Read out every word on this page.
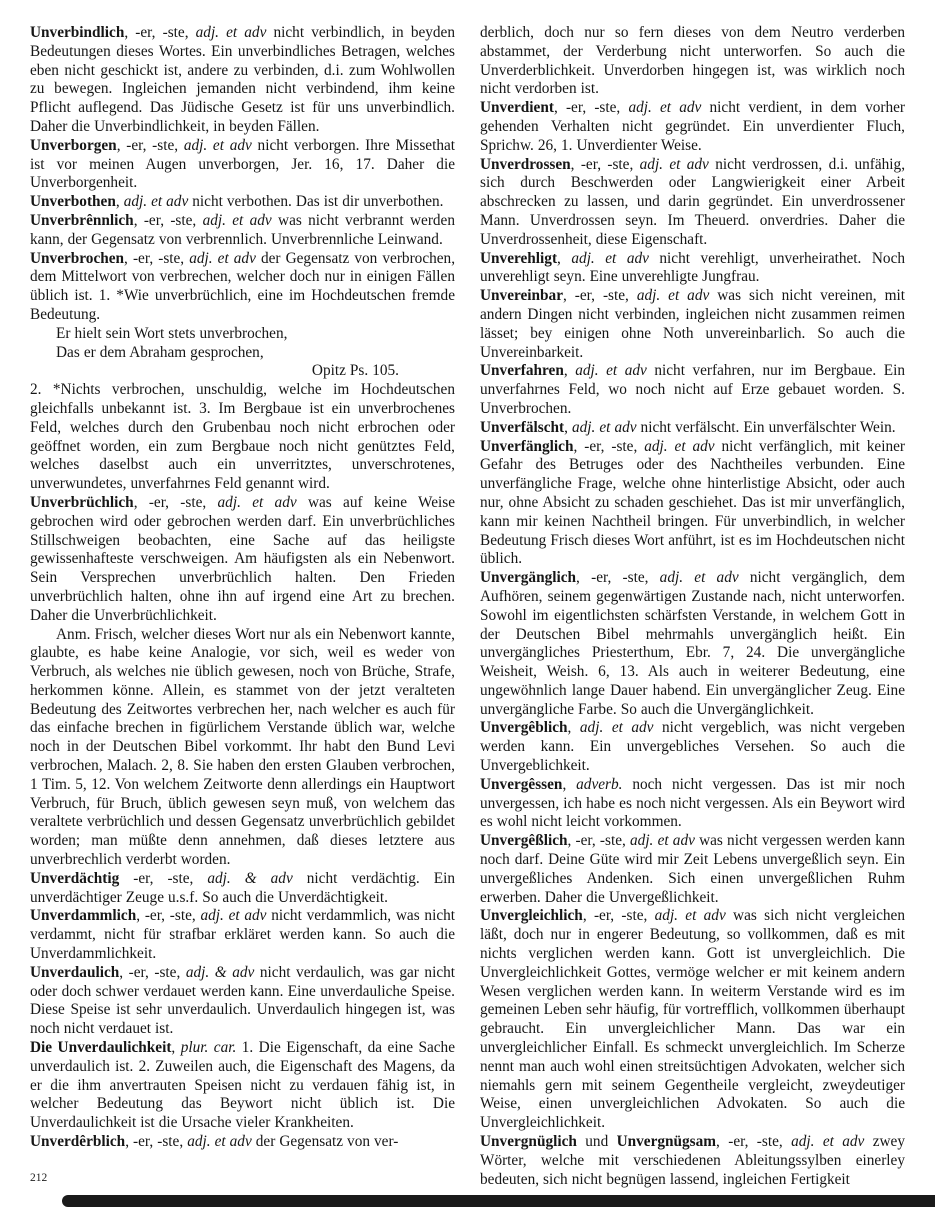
Unverbindlich, -er, -ste, adj. et adv nicht verbindlich, in beyden Bedeutungen dieses Wortes. Ein unverbindliches Betragen, welches eben nicht geschickt ist, andere zu verbinden, d.i. zum Wohlwollen zu bewegen. Ingleichen jemanden nicht verbindend, ihm keine Pflicht auflegend. Das Jüdische Gesetz ist für uns unverbindlich. Daher die Unverbindlichkeit, in beyden Fällen.

Unverborgen, -er, -ste, adj. et adv nicht verborgen. Ihre Missethat ist vor meinen Augen unverborgen, Jer. 16, 17. Daher die Unverborgenheit.

Unverbothen, adj. et adv nicht verbothen. Das ist dir unverbothen.

Unverbrênnlich, -er, -ste, adj. et adv was nicht verbrannt werden kann, der Gegensatz von verbrennlich. Unverbrennliche Leinwand.

Unverbrochen, -er, -ste, adj. et adv der Gegensatz von verbrochen, dem Mittelwort von verbrechen, welcher doch nur in einigen Fällen üblich ist. 1. *Wie unverbrüchlich, eine im Hochdeutschen fremde Bedeutung.

Er hielt sein Wort stets unverbrochen,

Das er dem Abraham gesprochen,

Opitz Ps. 105.

2. *Nichts verbrochen, unschuldig, welche im Hochdeutschen gleichfalls unbekannt ist. 3. Im Bergbaue ist ein unverbrochenes Feld, welches durch den Grubenbau noch nicht erbrochen oder geöffnet worden, ein zum Bergbaue noch nicht genütztes Feld, welches daselbst auch ein unverritztes, unverschrotenes, unverwundetes, unverfahrnes Feld genannt wird.

Unverbrüchlich, -er, -ste, adj. et adv was auf keine Weise gebrochen wird oder gebrochen werden darf. Ein unverbrüchliches Stillschweigen beobachten, eine Sache auf das heiligste gewissenhafteste verschweigen. Am häufigsten als ein Nebenwort. Sein Versprechen unverbrüchlich halten. Den Frieden unverbrüchlich halten, ohne ihn auf irgend eine Art zu brechen. Daher die Unverbrüchlichkeit.

Anm. Frisch, welcher dieses Wort nur als ein Nebenwort kannte, glaubte, es habe keine Analogie, vor sich, weil es weder von Verbruch, als welches nie üblich gewesen, noch von Brüche, Strafe, herkommen könne. Allein, es stammet von der jetzt veralteten Bedeutung des Zeitwortes verbrechen her, nach welcher es auch für das einfache brechen in figürlichem Verstande üblich war, welche noch in der Deutschen Bibel vorkommt. Ihr habt den Bund Levi verbrochen, Malach. 2, 8. Sie haben den ersten Glauben verbrochen, 1 Tim. 5, 12. Von welchem Zeitworte denn allerdings ein Hauptwort Verbruch, für Bruch, üblich gewesen seyn muß, von welchem das veraltete verbrüchlich und dessen Gegensatz unverbrüchlich gebildet worden; man müßte denn annehmen, daß dieses letztere aus unverbrechlich verderbt worden.

Unverdächtig -er, -ste, adj. & adv nicht verdächtig. Ein unverdächtiger Zeuge u.s.f. So auch die Unverdächtigkeit.

Unverdammlich, -er, -ste, adj. et adv nicht verdammlich, was nicht verdammt, nicht für strafbar erkläret werden kann. So auch die Unverdammlichkeit.

Unverdaulich, -er, -ste, adj. & adv nicht verdaulich, was gar nicht oder doch schwer verdauet werden kann. Eine unverdauliche Speise. Diese Speise ist sehr unverdaulich. Unverdaulich hingegen ist, was noch nicht verdauet ist.

Die Unverdaulichkeit, plur. car. 1. Die Eigenschaft, da eine Sache unverdaulich ist. 2. Zuweilen auch, die Eigenschaft des Magens, da er die ihm anvertrauten Speisen nicht zu verdauen fähig ist, in welcher Bedeutung das Beywort nicht üblich ist. Die Unverdaulichkeit ist die Ursache vieler Krankheiten.

Unverdêrblich, -er, -ste, adj. et adv der Gegensatz von ver-

derblich, doch nur so fern dieses von dem Neutro verderben abstammet, der Verderbung nicht unterworfen. So auch die Unverderblichkeit. Unverdorben hingegen ist, was wirklich noch nicht verdorben ist.

Unverdient, -er, -ste, adj. et adv nicht verdient, in dem vorher gehenden Verhalten nicht gegründet. Ein unverdienter Fluch, Sprichw. 26, 1. Unverdienter Weise.

Unverdrossen, -er, -ste, adj. et adv nicht verdrossen, d.i. unfähig, sich durch Beschwerden oder Langwierigkeit einer Arbeit abschrecken zu lassen, und darin gegründet. Ein unverdrossener Mann. Unverdrossen seyn. Im Theuerd. onverdries. Daher die Unverdrossenheit, diese Eigenschaft.

Unverehligt, adj. et adv nicht verehligt, unverheirathet. Noch unverehligt seyn. Eine unverehligte Jungfrau.

Unvereinbar, -er, -ste, adj. et adv was sich nicht vereinen, mit andern Dingen nicht verbinden, ingleichen nicht zusammen reimen lässet; bey einigen ohne Noth unvereinbarlich. So auch die Unvereinbarkeit.

Unverfahren, adj. et adv nicht verfahren, nur im Bergbaue. Ein unverfahrnes Feld, wo noch nicht auf Erze gebauet worden. S. Unverbrochen.

Unverfälscht, adj. et adv nicht verfälscht. Ein unverfälschter Wein.

Unverfänglich, -er, -ste, adj. et adv nicht verfänglich, mit keiner Gefahr des Betruges oder des Nachtheiles verbunden. Eine unverfängliche Frage, welche ohne hinterlistige Absicht, oder auch nur, ohne Absicht zu schaden geschiehet. Das ist mir unverfänglich, kann mir keinen Nachtheil bringen. Für unverbindlich, in welcher Bedeutung Frisch dieses Wort anführt, ist es im Hochdeutschen nicht üblich.

Unvergänglich, -er, -ste, adj. et adv nicht vergänglich, dem Aufhören, seinem gegenwärtigen Zustande nach, nicht unterworfen. Sowohl im eigentlichsten schärfsten Verstande, in welchem Gott in der Deutschen Bibel mehrmahls unvergänglich heißt. Ein unvergängliches Priesterthum, Ebr. 7, 24. Die unvergängliche Weisheit, Weish. 6, 13. Als auch in weiterer Bedeutung, eine ungewöhnlich lange Dauer habend. Ein unvergänglicher Zeug. Eine unvergängliche Farbe. So auch die Unvergänglichkeit.

Unvergêblich, adj. et adv nicht vergeblich, was nicht vergeben werden kann. Ein unvergebliches Versehen. So auch die Unvergeblichkeit.

Unvergêssen, adverb. noch nicht vergessen. Das ist mir noch unvergessen, ich habe es noch nicht vergessen. Als ein Beywort wird es wohl nicht leicht vorkommen.

Unvergêßlich, -er, -ste, adj. et adv was nicht vergessen werden kann noch darf. Deine Güte wird mir Zeit Lebens unvergeßlich seyn. Ein unvergeßliches Andenken. Sich einen unvergeßlichen Ruhm erwerben. Daher die Unvergeßlichkeit.

Unvergleichlich, -er, -ste, adj. et adv was sich nicht vergleichen läßt, doch nur in engerer Bedeutung, so vollkommen, daß es mit nichts verglichen werden kann. Gott ist unvergleichlich. Die Unvergleichlichkeit Gottes, vermöge welcher er mit keinem andern Wesen verglichen werden kann. In weiterm Verstande wird es im gemeinen Leben sehr häufig, für vortrefflich, vollkommen überhaupt gebraucht. Ein unvergleichlicher Mann. Das war ein unvergleichlicher Einfall. Es schmeckt unvergleichlich. Im Scherze nennt man auch wohl einen streitsüchtigen Advokaten, welcher sich niemahls gern mit seinem Gegentheile vergleicht, zweydeutiger Weise, einen unvergleichlichen Advokaten. So auch die Unvergleichlichkeit.

Unvergnüglich und Unvergnügsam, -er, -ste, adj. et adv zwey Wörter, welche mit verschiedenen Ableitungssylben einerley bedeuten, sich nicht begnügen lassend, ingleichen Fertigkeit

212
